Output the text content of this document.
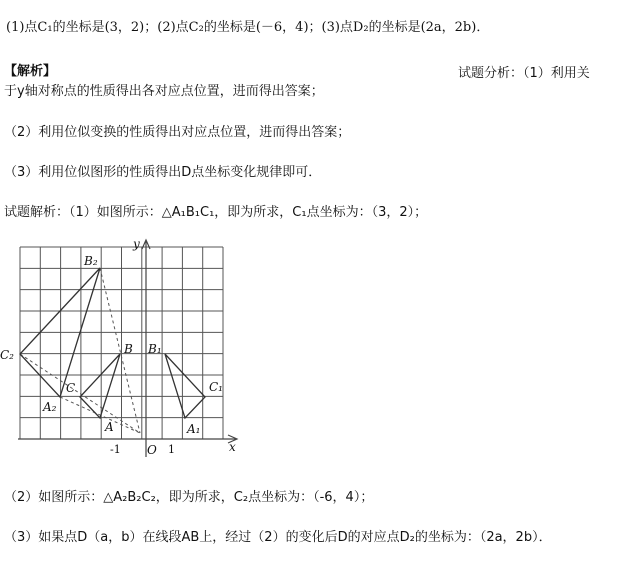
(1)点C₁的坐标是(3，2)；(2)点C₂的坐标是(－6，4)；(3)点D₂的坐标是(2a，2b)．
【解析】	试题分析：（1）利用关
于y轴对称点的性质得出各对应点位置，进而得出答案；
（2）利用位似变换的性质得出对应点位置，进而得出答案；
（3）利用位似图形的性质得出D点坐标变化规律即可．
试题解析：（1）如图所示：△A₁B₁C₁，即为所求，C₁点坐标为：（3，2）；
B₂
C₂
A₂
B
C
A
B₁
C₁
A₁
y
x
O 1
-1
（2）如图所示：△A₂B₂C₂，即为所求，C₂点坐标为：（-6，4）；
（3）如果点D（a，b）在线段AB上，经过（2）的变化后D的对应点D₂的坐标为：（2a，2b）．
